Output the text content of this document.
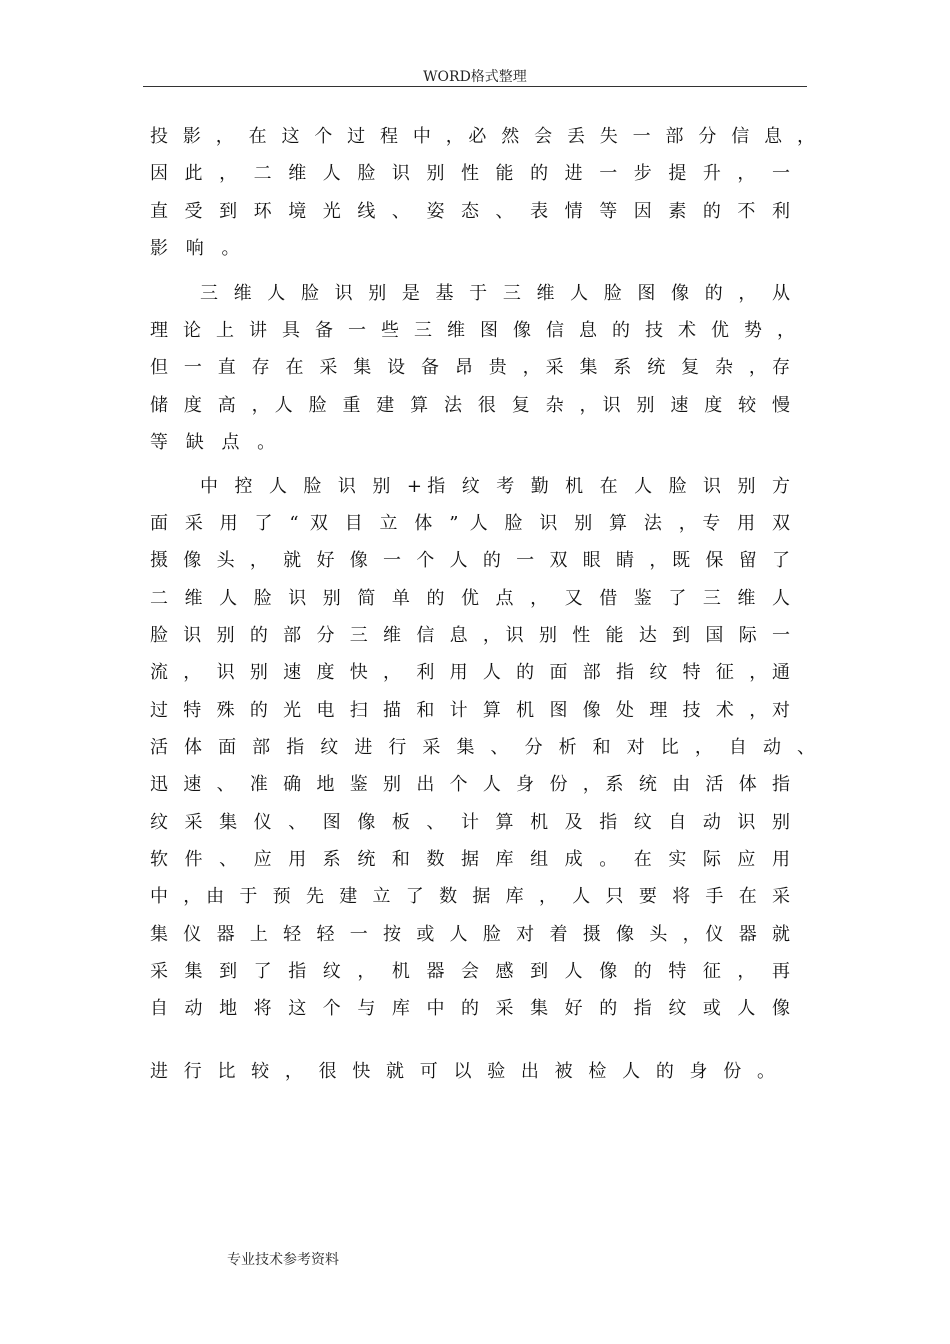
WORD格式整理
投 影 ， 在 这 个 过 程 中 ，必 然 会 丢 失 一 部 分 信 息 ，
因 此 ， 二 维 人 脸 识 别 性 能 的 进 一 步 提 升 ， 一
直 受 到 环 境 光 线 、 姿 态 、 表 情 等 因 素 的 不 利
影 响 。
三 维 人 脸 识 别 是 基 于 三 维 人 脸 图 像 的 ， 从
理 论 上 讲 具 备 一 些 三 维 图 像 信 息 的 技 术 优 势 ，
但 一 直 存 在 采 集 设 备 昂 贵 ，采 集 系 统 复 杂 ，存
储 度 高 ，人 脸 重 建 算 法 很 复 杂 ，识 别 速 度 较 慢
等 缺 点 。
中 控 人 脸 识 别 +指 纹 考 勤 机 在 人 脸 识 别 方
面 采 用 了 “ 双 目 立 体 ” 人 脸 识 别 算 法 ，专 用 双
摄 像 头 ， 就 好 像 一 个 人 的 一 双 眼 睛 ，既 保 留 了
二 维 人 脸 识 别 简 单 的 优 点 ， 又 借 鉴 了 三 维 人
脸 识 别 的 部 分 三 维 信 息 ，识 别 性 能 达 到 国 际 一
流 ， 识 别 速 度 快 ， 利 用 人 的 面 部 指 纹 特 征 ，通
过 特 殊 的 光 电 扫 描 和 计 算 机 图 像 处 理 技 术 ，对
活 体 面 部 指 纹 进 行 采 集 、 分 析 和 对 比 ， 自 动 、
迅 速 、 准 确 地 鉴 别 出 个 人 身 份 ，系 统 由 活 体 指
纹 采 集 仪 、 图 像 板 、 计 算 机 及 指 纹 自 动 识 别
软 件 、 应 用 系 统 和 数 据 库 组 成 。 在 实 际 应 用
中 ，由 于 预 先 建 立 了 数 据 库 ， 人 只 要 将 手 在 采
集 仪 器 上 轻 轻 一 按 或 人 脸 对 着 摄 像 头 ，仪 器 就
采 集 到 了 指 纹 ， 机 器 会 感 到 人 像 的 特 征 ， 再
自 动 地 将 这 个 与 库 中 的 采 集 好 的 指 纹 或 人 像
进 行 比 较 ， 很 快 就 可 以 验 出 被 检 人 的 身 份 。
专业技术参考资料
